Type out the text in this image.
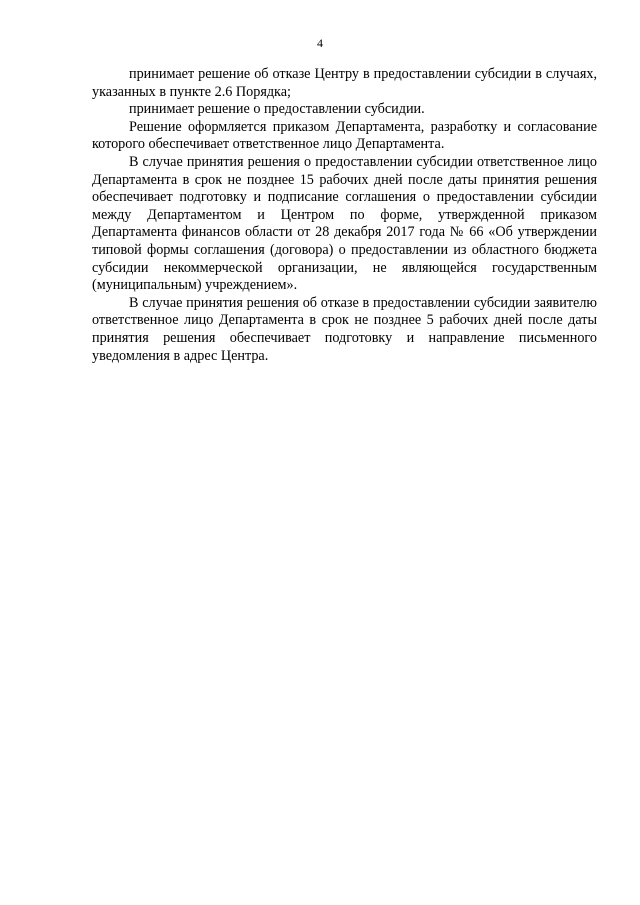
4

принимает решение об отказе Центру в предоставлении субсидии в случаях, указанных в пункте 2.6 Порядка;

принимает решение о предоставлении субсидии.

Решение оформляется приказом Департамента, разработку и согласование которого обеспечивает ответственное лицо Департамента.

В случае принятия решения о предоставлении субсидии ответственное лицо Департамента в срок не позднее 15 рабочих дней после даты принятия решения обеспечивает подготовку и подписание соглашения о предоставлении субсидии между Департаментом и Центром по форме, утвержденной приказом Департамента финансов области от 28 декабря 2017 года № 66 «Об утверждении типовой формы соглашения (договора) о предоставлении из областного бюджета субсидии некоммерческой организации, не являющейся государственным (муниципальным) учреждением».

В случае принятия решения об отказе в предоставлении субсидии заявителю ответственное лицо Департамента в срок не позднее 5 рабочих дней после даты принятия решения обеспечивает подготовку и направление письменного уведомления в адрес Центра.
